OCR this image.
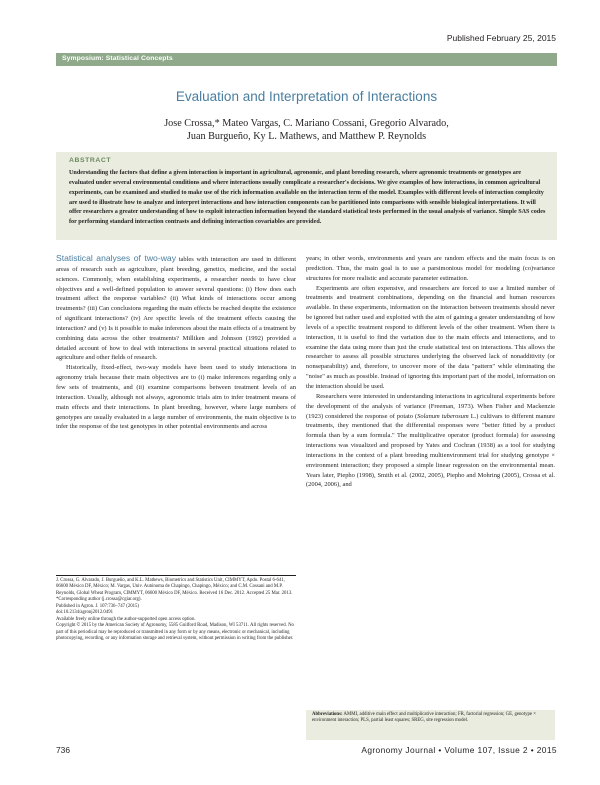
Published February 25, 2015
Symposium: Statistical Concepts
Evaluation and Interpretation of Interactions
Jose Crossa,* Mateo Vargas, C. Mariano Cossani, Gregorio Alvarado,
Juan Burgueño, Ky L. Mathews, and Matthew P. Reynolds
ABSTRACT
Understanding the factors that define a given interaction is important in agricultural, agronomic, and plant breeding research, where agronomic treatments or genotypes are evaluated under several environmental conditions and where interactions usually complicate a researcher's decisions. We give examples of how interactions, in common agricultural experiments, can be examined and studied to make use of the rich information available on the interaction term of the model. Examples with different levels of interaction complexity are used to illustrate how to analyze and interpret interactions and how interaction components can be partitioned into comparisons with sensible biological interpretations. It will offer researchers a greater understanding of how to exploit interaction information beyond the standard statistical tests performed in the usual analysis of variance. Simple SAS codes for performing standard interaction contrasts and defining interaction covariables are provided.

Statistical analyses of two-way tables with interaction are used in different areas of research such as agriculture, plant breeding, genetics, medicine, and the social sciences. Commonly, when establishing experiments, a researcher needs to have clear objectives and a well-defined population to answer several questions: (i) How does each treatment affect the response variables? (ii) What kinds of interactions occur among treatments? (iii) Can conclusions regarding the main effects be reached despite the existence of significant interactions? (iv) Are specific levels of the treatment effects causing the interaction? and (v) Is it possible to make inferences about the main effects of a treatment by combining data across the other treatments? Milliken and Johnson (1992) provided a detailed account of how to deal with interactions in several practical situations related to agriculture and other fields of research.

Historically, fixed-effect, two-way models have been used to study interactions in agronomy trials because their main objectives are to (i) make inferences regarding only a few sets of treatments, and (ii) examine comparisons between treatment levels of an interaction. Usually, although not always, agronomic trials aim to infer treatment means of main effects and their interactions. In plant breeding, however, where large numbers of genotypes are usually evaluated in a large number of environments, the main objective is to infer the response of the test genotypes in other potential environments and across

J. Crossa, G. Alvarado, J. Burgueño, and K.L. Mathews, Biometrics and Statistics Unit, CIMMYT, Apdo. Postal 6-641, 06600 México DF, México; M. Vargas, Univ. Autónoma de Chapingo, Chapingo, México; and C.M. Cossani and M.P. Reynolds, Global Wheat Program, CIMMYT, 06600 México DF, México. Received 16 Dec. 2012. Accepted 25 Mar. 2013. *Corresponding author (j.crossa@cgiar.org).

Published in Agron. J. 107:736–747 (2015)

doi:10.2134/agronj2012.0491

Available freely online through the author-supported open access option.

Copyright © 2015 by the American Society of Agronomy, 5585 Guilford Road, Madison, WI 53711. All rights reserved. No part of this periodical may be reproduced or transmitted in any form or by any means, electronic or mechanical, including photocopying, recording, or any information storage and retrieval system, without permission in writing from the publisher.

years; in other words, environments and years are random effects and the main focus is on prediction. Thus, the main goal is to use a parsimonious model for modeling (co)variance structures for more realistic and accurate parameter estimation.

Experiments are often expensive, and researchers are forced to use a limited number of treatments and treatment combinations, depending on the financial and human resources available. In these experiments, information on the interaction between treatments should never be ignored but rather used and exploited with the aim of gaining a greater understanding of how levels of a specific treatment respond to different levels of the other treatment. When there is interaction, it is useful to find the variation due to the main effects and interactions, and to examine the data using more than just the crude statistical test on interactions. This allows the researcher to assess all possible structures underlying the observed lack of nonadditivity (or nonseparability) and, therefore, to uncover more of the data "pattern" while eliminating the "noise" as much as possible. Instead of ignoring this important part of the model, information on the interaction should be used.

Researchers were interested in understanding interactions in agricultural experiments before the development of the analysis of variance (Freeman, 1973). When Fisher and Mackenzie (1923) considered the response of potato (Solanum tuberosum L.) cultivars to different manure treatments, they mentioned that the differential responses were "better fitted by a product formula than by a sum formula." The multiplicative operator (product formula) for assessing interactions was visualized and proposed by Yates and Cochran (1938) as a tool for studying interactions in the context of a plant breeding multienvironment trial for studying genotype × environment interaction; they proposed a simple linear regression on the environmental mean. Years later, Piepho (1998), Smith et al. (2002, 2005), Piepho and Mohring (2005), Crossa et al. (2004, 2006), and

Abbreviations: AMMI, additive main effect and multiplicative interaction; FR, factorial regression; GE, genotype × environment interaction; PLS, partial least squares; SREG, site regression model.
736	Agronomy Journal • Volume 107, Issue 2 • 2015
